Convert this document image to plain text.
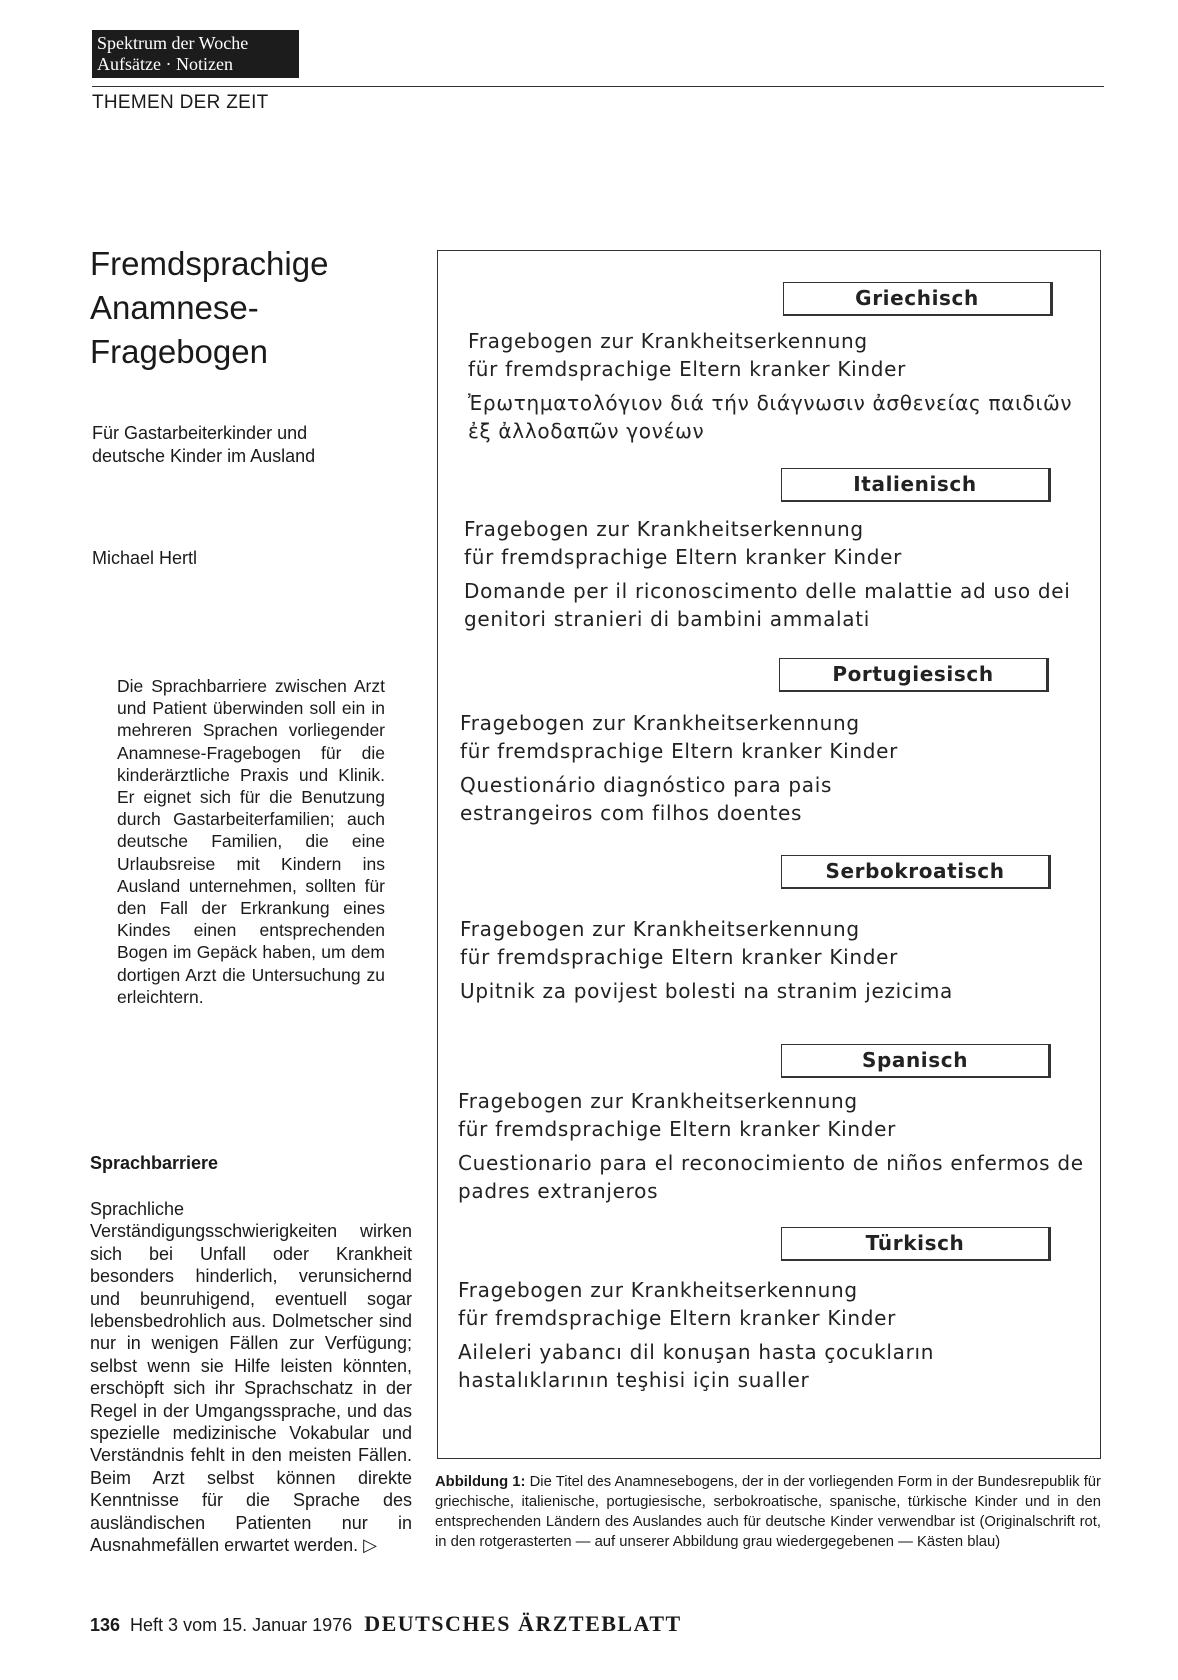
Spektrum der Woche
Aufsätze · Notizen
THEMEN DER ZEIT
Fremdsprachige
Anamnese-
Fragebogen
Für Gastarbeiterkinder und
deutsche Kinder im Ausland
Michael Hertl

Die Sprachbarriere zwischen Arzt und Patient überwinden soll ein in mehreren Sprachen vorliegender Anamnese-Fragebogen für die kinderärztliche Praxis und Klinik. Er eignet sich für die Benutzung durch Gastarbeiterfamilien; auch deutsche Familien, die eine Urlaubsreise mit Kindern ins Ausland unternehmen, sollten für den Fall der Erkrankung eines Kindes einen entsprechenden Bogen im Gepäck haben, um dem dortigen Arzt die Untersuchung zu erleichtern.

Sprachbarriere

Sprachliche Verständigungsschwierigkeiten wirken sich bei Unfall oder Krankheit besonders hinderlich, verunsichernd und beunruhigend, eventuell sogar lebensbedrohlich aus. Dolmetscher sind nur in wenigen Fällen zur Verfügung; selbst wenn sie Hilfe leisten könnten, erschöpft sich ihr Sprachschatz in der Regel in der Umgangssprache, und das spezielle medizinische Vokabular und Verständnis fehlt in den meisten Fällen. Beim Arzt selbst können direkte Kenntnisse für die Sprache des ausländischen Patienten nur in Ausnahmefällen erwartet werden. ▷

Griechisch
Fragebogen zur Krankheitserkennung
für fremdsprachige Eltern kranker Kinder
Ἐρωτηματολόγιον διά τήν διάγνωσιν ἀσθενείας παιδιῶν ἐξ ἀλλοδαπῶν γονέων
Italienisch
Fragebogen zur Krankheitserkennung
für fremdsprachige Eltern kranker Kinder
Domande per il riconoscimento delle malattie ad uso dei genitori stranieri di bambini ammalati
Portugiesisch
Fragebogen zur Krankheitserkennung
für fremdsprachige Eltern kranker Kinder
Questionário diagnóstico para pais estrangeiros com filhos doentes
Serbokroatisch
Fragebogen zur Krankheitserkennung
für fremdsprachige Eltern kranker Kinder
Upitnik za povijest bolesti na stranim jezicima
Spanisch
Fragebogen zur Krankheitserkennung
für fremdsprachige Eltern kranker Kinder
Cuestionario para el reconocimiento de niños enfermos de padres extranjeros
Türkisch
Fragebogen zur Krankheitserkennung
für fremdsprachige Eltern kranker Kinder
Aileleri yabancı dil konuşan hasta çocukların hastalıklarının teşhisi için sualler

Abbildung 1: Die Titel des Anamnesebogens, der in der vorliegenden Form in der Bundesrepublik für griechische, italienische, portugiesische, serbokroatische, spanische, türkische Kinder und in den entsprechenden Ländern des Auslandes auch für deutsche Kinder verwendbar ist (Originalschrift rot, in den rotgerasterten — auf unserer Abbildung grau wiedergegebenen — Kästen blau)

136 Heft 3 vom 15. Januar 1976 DEUTSCHES ÄRZTEBLATT
